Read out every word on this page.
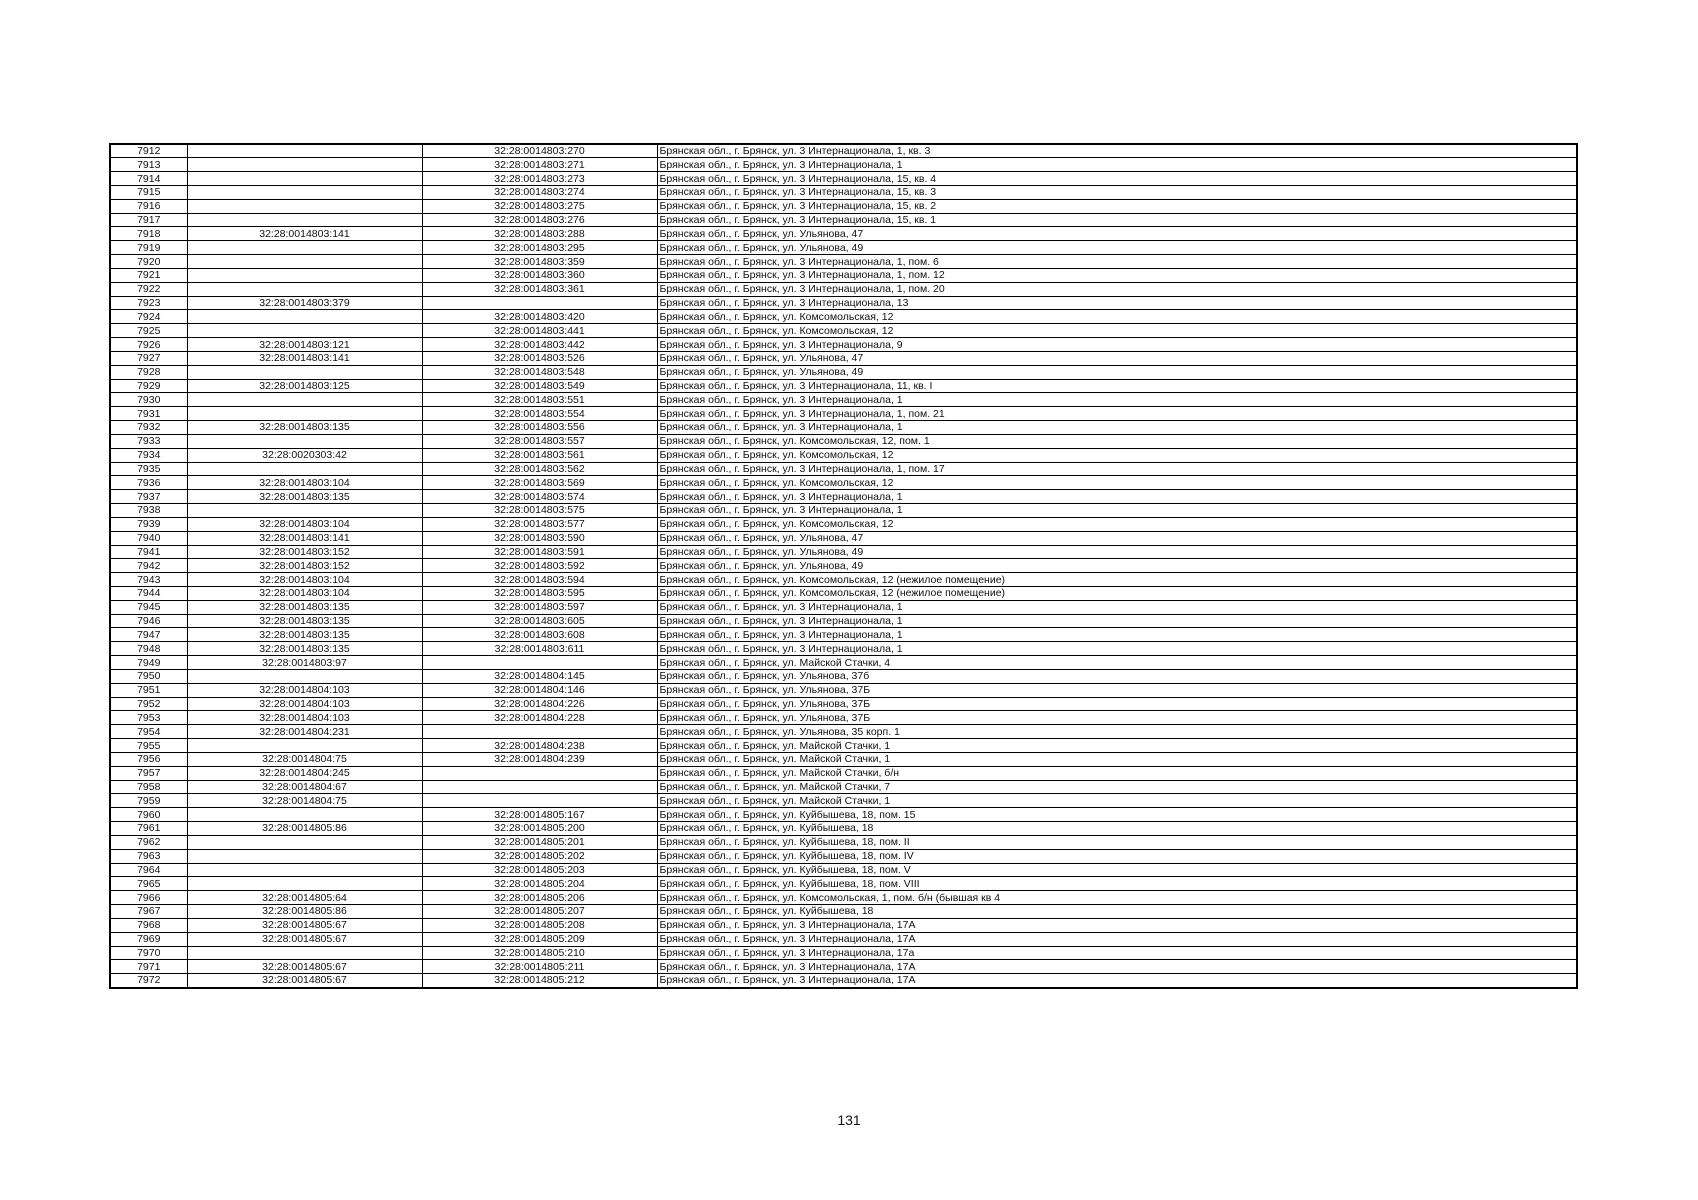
7912		32:28:0014803:270	Брянская обл., г. Брянск, ул. 3 Интернационала, 1, кв. 3
7913		32:28:0014803:271	Брянская обл., г. Брянск, ул. 3 Интернационала, 1
7914		32:28:0014803:273	Брянская обл., г. Брянск, ул. 3 Интернационала, 15, кв. 4
7915		32:28:0014803:274	Брянская обл., г. Брянск, ул. 3 Интернационала, 15, кв. 3
7916		32:28:0014803:275	Брянская обл., г. Брянск, ул. 3 Интернационала, 15, кв. 2
7917		32:28:0014803:276	Брянская обл., г. Брянск, ул. 3 Интернационала, 15, кв. 1
7918	32:28:0014803:141	32:28:0014803:288	Брянская обл., г. Брянск, ул. Ульянова, 47
7919		32:28:0014803:295	Брянская обл., г. Брянск, ул. Ульянова, 49
7920		32:28:0014803:359	Брянская обл., г. Брянск, ул. 3 Интернационала, 1, пом. 6
7921		32:28:0014803:360	Брянская обл., г. Брянск, ул. 3 Интернационала, 1, пом. 12
7922		32:28:0014803:361	Брянская обл., г. Брянск, ул. 3 Интернационала, 1, пом. 20
7923	32:28:0014803:379		Брянская обл., г. Брянск, ул. 3 Интернационала, 13
7924		32:28:0014803:420	Брянская обл., г. Брянск, ул. Комсомольская, 12
7925		32:28:0014803:441	Брянская обл., г. Брянск, ул. Комсомольская, 12
7926	32:28:0014803:121	32:28:0014803:442	Брянская обл., г. Брянск, ул. 3 Интернационала, 9
7927	32:28:0014803:141	32:28:0014803:526	Брянская обл., г. Брянск, ул. Ульянова, 47
7928		32:28:0014803:548	Брянская обл., г. Брянск, ул. Ульянова, 49
7929	32:28:0014803:125	32:28:0014803:549	Брянская обл., г. Брянск, ул. 3 Интернационала, 11, кв. I
7930		32:28:0014803:551	Брянская обл., г. Брянск, ул. 3 Интернационала, 1
7931		32:28:0014803:554	Брянская обл., г. Брянск, ул. 3 Интернационала, 1, пом. 21
7932	32:28:0014803:135	32:28:0014803:556	Брянская обл., г. Брянск, ул. 3 Интернационала, 1
7933		32:28:0014803:557	Брянская обл., г. Брянск, ул. Комсомольская, 12, пом. 1
7934	32:28:0020303:42	32:28:0014803:561	Брянская обл., г. Брянск, ул. Комсомольская, 12
7935		32:28:0014803:562	Брянская обл., г. Брянск, ул. 3 Интернационала, 1, пом. 17
7936	32:28:0014803:104	32:28:0014803:569	Брянская обл., г. Брянск, ул. Комсомольская, 12
7937	32:28:0014803:135	32:28:0014803:574	Брянская обл., г. Брянск, ул. 3 Интернационала, 1
7938		32:28:0014803:575	Брянская обл., г. Брянск, ул. 3 Интернационала, 1
7939	32:28:0014803:104	32:28:0014803:577	Брянская обл., г. Брянск, ул. Комсомольская, 12
7940	32:28:0014803:141	32:28:0014803:590	Брянская обл., г. Брянск, ул. Ульянова, 47
7941	32:28:0014803:152	32:28:0014803:591	Брянская обл., г. Брянск, ул. Ульянова, 49
7942	32:28:0014803:152	32:28:0014803:592	Брянская обл., г. Брянск, ул. Ульянова, 49
7943	32:28:0014803:104	32:28:0014803:594	Брянская обл., г. Брянск, ул. Комсомольская, 12 (нежилое помещение)
7944	32:28:0014803:104	32:28:0014803:595	Брянская обл., г. Брянск, ул. Комсомольская, 12 (нежилое помещение)
7945	32:28:0014803:135	32:28:0014803:597	Брянская обл., г. Брянск, ул. 3 Интернационала, 1
7946	32:28:0014803:135	32:28:0014803:605	Брянская обл., г. Брянск, ул. 3 Интернационала, 1
7947	32:28:0014803:135	32:28:0014803:608	Брянская обл., г. Брянск, ул. 3 Интернационала, 1
7948	32:28:0014803:135	32:28:0014803:611	Брянская обл., г. Брянск, ул. 3 Интернационала, 1
7949	32:28:0014803:97		Брянская обл., г. Брянск, ул. Майской Стачки, 4
7950		32:28:0014804:145	Брянская обл., г. Брянск, ул. Ульянова, 37б
7951	32:28:0014804:103	32:28:0014804:146	Брянская обл., г. Брянск, ул. Ульянова, 37Б
7952	32:28:0014804:103	32:28:0014804:226	Брянская обл., г. Брянск, ул. Ульянова, 37Б
7953	32:28:0014804:103	32:28:0014804:228	Брянская обл., г. Брянск, ул. Ульянова, 37Б
7954	32:28:0014804:231		Брянская обл., г. Брянск, ул. Ульянова, 35 корп. 1
7955		32:28:0014804:238	Брянская обл., г. Брянск, ул. Майской Стачки, 1
7956	32:28:0014804:75	32:28:0014804:239	Брянская обл., г. Брянск, ул. Майской Стачки, 1
7957	32:28:0014804:245		Брянская обл., г. Брянск, ул. Майской Стачки, б/н
7958	32:28:0014804:67		Брянская обл., г. Брянск, ул. Майской Стачки, 7
7959	32:28:0014804:75		Брянская обл., г. Брянск, ул. Майской Стачки, 1
7960		32:28:0014805:167	Брянская обл., г. Брянск, ул. Куйбышева, 18, пом. 15
7961	32:28:0014805:86	32:28:0014805:200	Брянская обл., г. Брянск, ул. Куйбышева, 18
7962		32:28:0014805:201	Брянская обл., г. Брянск, ул. Куйбышева, 18, пом. II
7963		32:28:0014805:202	Брянская обл., г. Брянск, ул. Куйбышева, 18, пом. IV
7964		32:28:0014805:203	Брянская обл., г. Брянск, ул. Куйбышева, 18, пом. V
7965		32:28:0014805:204	Брянская обл., г. Брянск, ул. Куйбышева, 18, пом. VIII
7966	32:28:0014805:64	32:28:0014805:206	Брянская обл., г. Брянск, ул. Комсомольская, 1, пом. б/н (бывшая кв 4
7967	32:28:0014805:86	32:28:0014805:207	Брянская обл., г. Брянск, ул. Куйбышева, 18
7968	32:28:0014805:67	32:28:0014805:208	Брянская обл., г. Брянск, ул. 3 Интернационала, 17А
7969	32:28:0014805:67	32:28:0014805:209	Брянская обл., г. Брянск, ул. 3 Интернационала, 17А
7970		32:28:0014805:210	Брянская обл., г. Брянск, ул. 3 Интернационала, 17а
7971	32:28:0014805:67	32:28:0014805:211	Брянская обл., г. Брянск, ул. 3 Интернационала, 17А
7972	32:28:0014805:67	32:28:0014805:212	Брянская обл., г. Брянск, ул. 3 Интернационала, 17А
131
